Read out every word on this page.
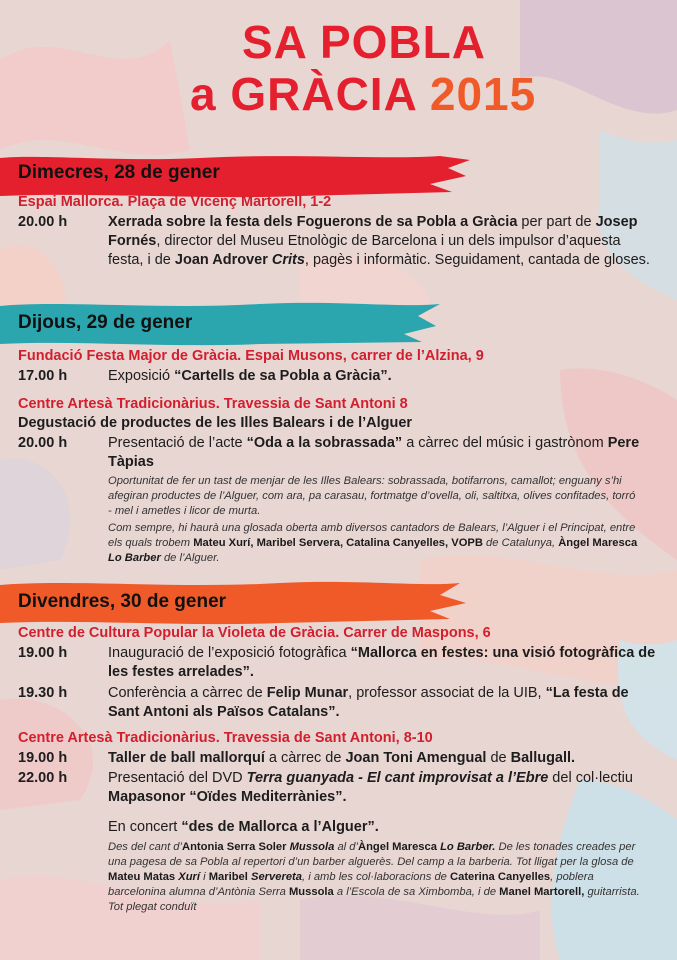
SA POBLA
a GRÀCIA 2015
Dimecres, 28 de gener
Espai Mallorca. Plaça de Vicenç Martorell, 1-2
20.00 h	Xerrada sobre la festa dels Foguerons de sa Pobla a Gràcia per part de Josep Fornés, director del Museu Etnològic de Barcelona i un dels impulsor d’aquesta festa, i de Joan Adrover Crits, pagès i informàtic. Seguidament, cantada de gloses.
Dijous, 29 de gener
Fundació Festa Major de Gràcia. Espai Musons, carrer de l’Alzina, 9
17.00 h	Exposició “Cartells de sa Pobla a Gràcia”.
Centre Artesà Tradicionàrius. Travessia de Sant Antoni 8
Degustació de productes de les Illes Balears i de l’Alguer
20.00 h	Presentació de l’acte “Oda a la sobrassada” a càrrec del músic i gastrònom Pere Tàpias
Oportunitat de fer un tast de menjar de les Illes Balears: sobrassada, botifarrons, camallot; enguany s’hi afegiran productes de l’Alguer, com ara, pa carasau, fortmatge d’ovella, oli, saltitxa, olives confitades, torró - mel i ametles i licor de murta.
Com sempre, hi haurà una glosada oberta amb diversos cantadors de Balears, l’Alguer i el Principat, entre els quals trobem Mateu Xurí, Maribel Servera, Catalina Canyelles, VOPB de Catalunya, Àngel Maresca Lo Barber de l’Alguer.
Divendres, 30 de gener
Centre de Cultura Popular la Violeta de Gràcia. Carrer de Maspons, 6
19.00 h	Inauguració de l’exposició fotogràfica “Mallorca en festes: una visió fotogràfica de les festes arrelades”.
19.30 h	Conferència a càrrec de Felip Munar, professor associat de la UIB, “La festa de Sant Antoni als Països Catalans”.
Centre Artesà Tradicionàrius. Travessia de Sant Antoni, 8-10
19.00 h	Taller de ball mallorquí a càrrec de Joan Toni Amengual de Ballugall.
22.00 h	Presentació del DVD Terra guanyada - El cant improvisat a l’Ebre del col·lectiu Mapasonor “Oïdes Mediterrànies”.
En concert “des de Mallorca a l’Alguer”.
Des del cant d’Antonia Serra Soler Mussola al d’Àngel Maresca Lo Barber. De les tonades creades per una pagesa de sa Pobla al repertori d’un barber alguerès. Del camp a la barberia. Tot lligat per la glosa de Mateu Matas Xurí i Maribel Servereta, i amb les col·laboracions de Caterina Canyelles, poblera barcelonina alumna d’Antònia Serra Mussola a l’Escola de sa Ximbomba, i de Manel Martorell, guitarrista. Tot plegat conduït
